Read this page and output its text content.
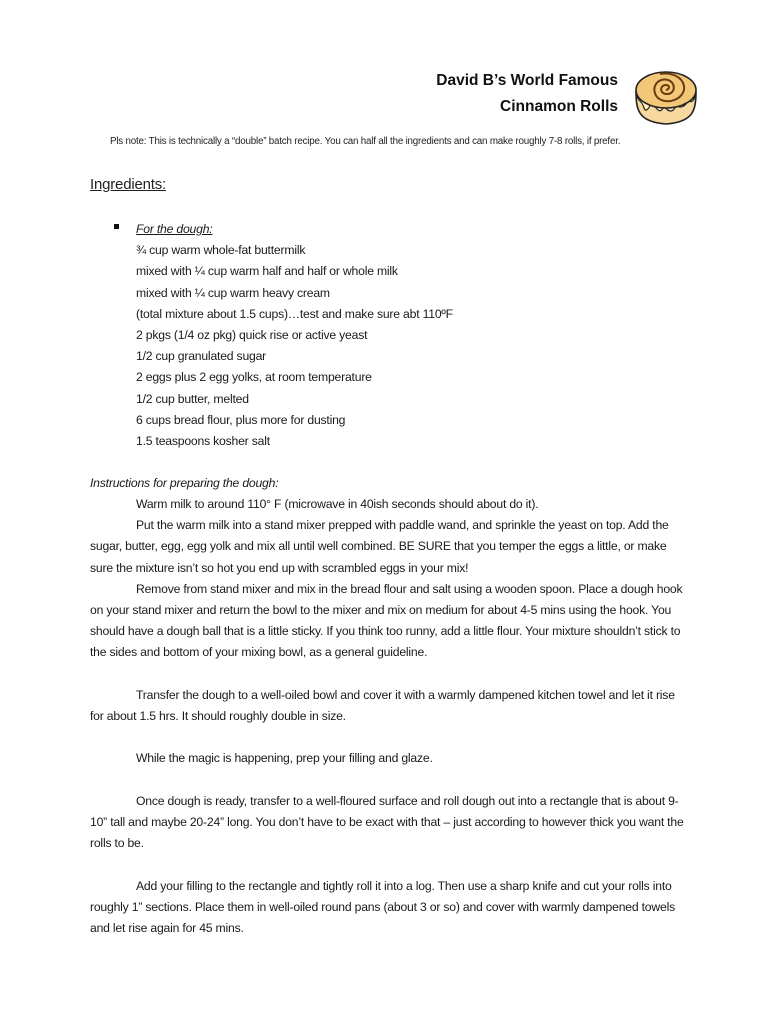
David B’s World Famous
Cinnamon Rolls
Pls note: This is technically a “double” batch recipe. You can half all the ingredients and can make roughly 7-8 rolls, if prefer.
Ingredients:
For the dough:
¾ cup warm whole-fat buttermilk
mixed with ¼ cup warm half and half or whole milk
mixed with ¼ cup warm heavy cream
(total mixture about 1.5 cups)…test and make sure abt 110ºF
2 pkgs (1/4 oz pkg) quick rise or active yeast
1/2 cup granulated sugar
2 eggs plus 2 egg yolks, at room temperature
1/2 cup butter, melted
6 cups bread flour, plus more for dusting
1.5 teaspoons kosher salt
Instructions for preparing the dough:

Warm milk to around 110° F (microwave in 40ish seconds should about do it).

Put the warm milk into a stand mixer prepped with paddle wand, and sprinkle the yeast on top. Add the sugar, butter, egg, egg yolk and mix all until well combined. BE SURE that you temper the eggs a little, or make sure the mixture isn’t so hot you end up with scrambled eggs in your mix!

Remove from stand mixer and mix in the bread flour and salt using a wooden spoon. Place a dough hook on your stand mixer and return the bowl to the mixer and mix on medium for about 4-5 mins using the hook. You should have a dough ball that is a little sticky. If you think too runny, add a little flour. Your mixture shouldn’t stick to the sides and bottom of your mixing bowl, as a general guideline.

Transfer the dough to a well-oiled bowl and cover it with a warmly dampened kitchen towel and let it rise for about 1.5 hrs. It should roughly double in size.

While the magic is happening, prep your filling and glaze.

Once dough is ready, transfer to a well-floured surface and roll dough out into a rectangle that is about 9-10” tall and maybe 20-24” long. You don’t have to be exact with that – just according to however thick you want the rolls to be.

Add your filling to the rectangle and tightly roll it into a log. Then use a sharp knife and cut your rolls into roughly 1” sections. Place them in well-oiled round pans (about 3 or so) and cover with warmly dampened towels and let rise again for 45 mins.
